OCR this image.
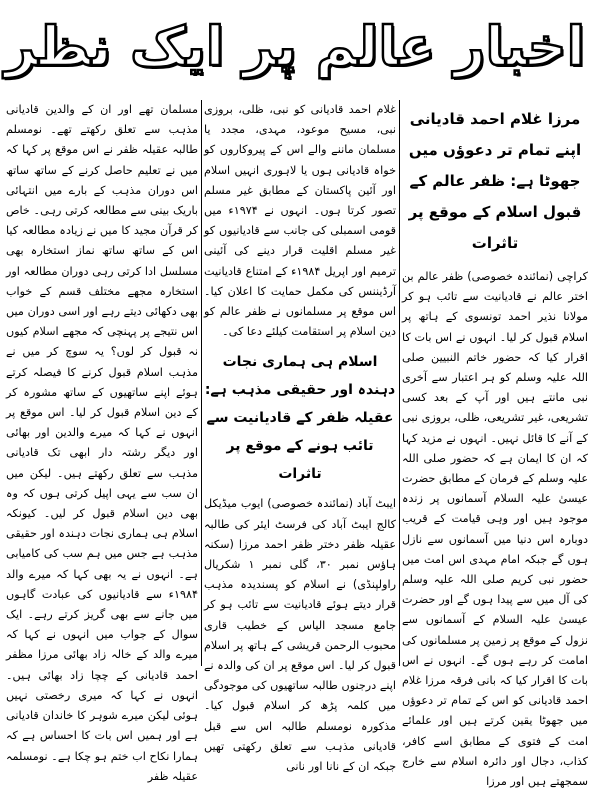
اخبار عالم پر ایک نظر
مرزا غلام احمد قادیانی اپنے تمام تر دعوؤں میں جھوٹا ہے: ظفر عالم کے قبول اسلام کے موقع پر تاثرات

کراچی (نمائندہ خصوصی) ظفر عالم بن اختر عالم نے قادیانیت سے تائب ہو کر مولانا نذیر احمد تونسوی کے ہاتھ پر اسلام قبول کر لیا۔ انہوں نے اس بات کا اقرار کیا کہ حضور خاتم النبیین صلی اللہ علیہ وسلم کو ہر اعتبار سے آخری نبی مانتے ہیں اور آپ کے بعد کسی تشریعی، غیر تشریعی، ظلی، بروزی نبی کے آنے کا قائل نہیں۔ انہوں نے مزید کہا کہ ان کا ایمان ہے کہ حضور صلی اللہ علیہ وسلم کے فرمان کے مطابق حضرت عیسیٰ علیہ السلام آسمانوں پر زندہ موجود ہیں اور وہی قیامت کے قریب دوبارہ اس دنیا میں آسمانوں سے نازل ہوں گے جبکہ امام مہدی اس امت میں حضور نبی کریم صلی اللہ علیہ وسلم کی آل میں سے پیدا ہوں گے اور حضرت عیسیٰ علیہ السلام کے آسمانوں سے نزول کے موقع پر زمین پر مسلمانوں کی امامت کر رہے ہوں گے۔ انہوں نے اس بات کا اقرار کیا کہ بانی فرقہ مرزا غلام احمد قادیانی کو اس کے تمام تر دعوؤں میں جھوٹا یقین کرتے ہیں اور علمائے امت کے فتوی کے مطابق اسے کافر، کذاب، دجال اور دائرہ اسلام سے خارج سمجھتے ہیں اور مرزا

غلام احمد قادیانی کو نبی، ظلی، بروزی نبی، مسیح موعود، مہدی، مجدد یا مسلمان ماننے والے اس کے پیروکاروں کو خواہ قادیانی ہوں یا لاہوری انہیں اسلام اور آئین پاکستان کے مطابق غیر مسلم تصور کرتا ہوں۔ انہوں نے ۱۹۷۴ء میں قومی اسمبلی کی جانب سے قادیانیوں کو غیر مسلم اقلیت قرار دینے کی آئینی ترمیم اور اپریل ۱۹۸۴ء کے امتناع قادیانیت آرڈیننس کی مکمل حمایت کا اعلان کیا۔ اس موقع پر مسلمانوں نے ظفر عالم کو دین اسلام پر استقامت کیلئے دعا کی۔

اسلام ہی ہماری نجات دہندہ اور حقیقی مذہب ہے: عقیلہ ظفر کے قادیانیت سے تائب ہونے کے موقع پر تاثرات

ایبٹ آباد (نمائندہ خصوصی) ایوب میڈیکل کالج ایبٹ آباد کی فرسٹ ایئر کی طالبہ عقیلہ ظفر دختر ظفر احمد مرزا (سکنہ ہاؤس نمبر ۳۰، گلی نمبر ۱ شکریال راولپنڈی) نے اسلام کو پسندیدہ مذہب قرار دیتے ہوئے قادیانیت سے تائب ہو کر جامع مسجد الیاس کے خطیب قاری محبوب الرحمن قریشی کے ہاتھ پر اسلام قبول کر لیا۔ اس موقع پر ان کی والدہ نے اپنے درجنوں طالبہ ساتھیوں کی موجودگی میں کلمہ پڑھ کر اسلام قبول کیا۔ مذکورہ نومسلم طالبہ اس سے قبل قادیانی مذہب سے تعلق رکھتی تھیں جبکہ ان کے نانا اور نانی

مسلمان تھے اور ان کے والدین قادیانی مذہب سے تعلق رکھتے تھے۔ نومسلم طالبہ عقیلہ ظفر نے اس موقع پر کہا کہ میں نے تعلیم حاصل کرنے کے ساتھ ساتھ اس دوران مذہب کے بارے میں انتہائی باریک بینی سے مطالعہ کرتی رہی۔ خاص کر قرآن مجید کا میں نے زیادہ مطالعہ کیا اس کے ساتھ ساتھ نماز استخارہ بھی مسلسل ادا کرتی رہی دوران مطالعہ اور استخارہ مجھے مختلف قسم کے خواب بھی دکھائی دیتے رہے اور اسی دوران میں اس نتیجے پر پہنچی کہ مجھے اسلام کیوں نہ قبول کر لوں؟ یہ سوچ کر میں نے مذہب اسلام قبول کرنے کا فیصلہ کرتے ہوئے اپنے ساتھیوں کے ساتھ مشورہ کر کے دین اسلام قبول کر لیا۔ اس موقع پر انہوں نے کہا کہ میرے والدین اور بھائی اور دیگر رشتہ دار ابھی تک قادیانی مذہب سے تعلق رکھتے ہیں۔ لیکن میں ان سب سے یہی اپیل کرتی ہوں کہ وہ بھی دین اسلام قبول کر لیں۔ کیونکہ اسلام ہی ہماری نجات دہندہ اور حقیقی مذہب ہے جس میں ہم سب کی کامیابی ہے۔ انہوں نے یہ بھی کہا کہ میرے والد ۱۹۸۴ء سے قادیانیوں کی عبادت گاہوں میں جانے سے بھی گریز کرتے رہے۔ ایک سوال کے جواب میں انہوں نے کہا کہ میرے والد کے خالہ زاد بھائی مرزا مظفر احمد قادیانی کے چچا زاد بھائی ہیں۔ انہوں نے کہا کہ میری رخصتی نہیں ہوئی لیکن میرے شوہر کا خاندان قادیانی ہے اور ہمیں اس بات کا احساس ہے کہ ہمارا نکاح اب ختم ہو چکا ہے۔ نومسلمہ عقیلہ ظفر
